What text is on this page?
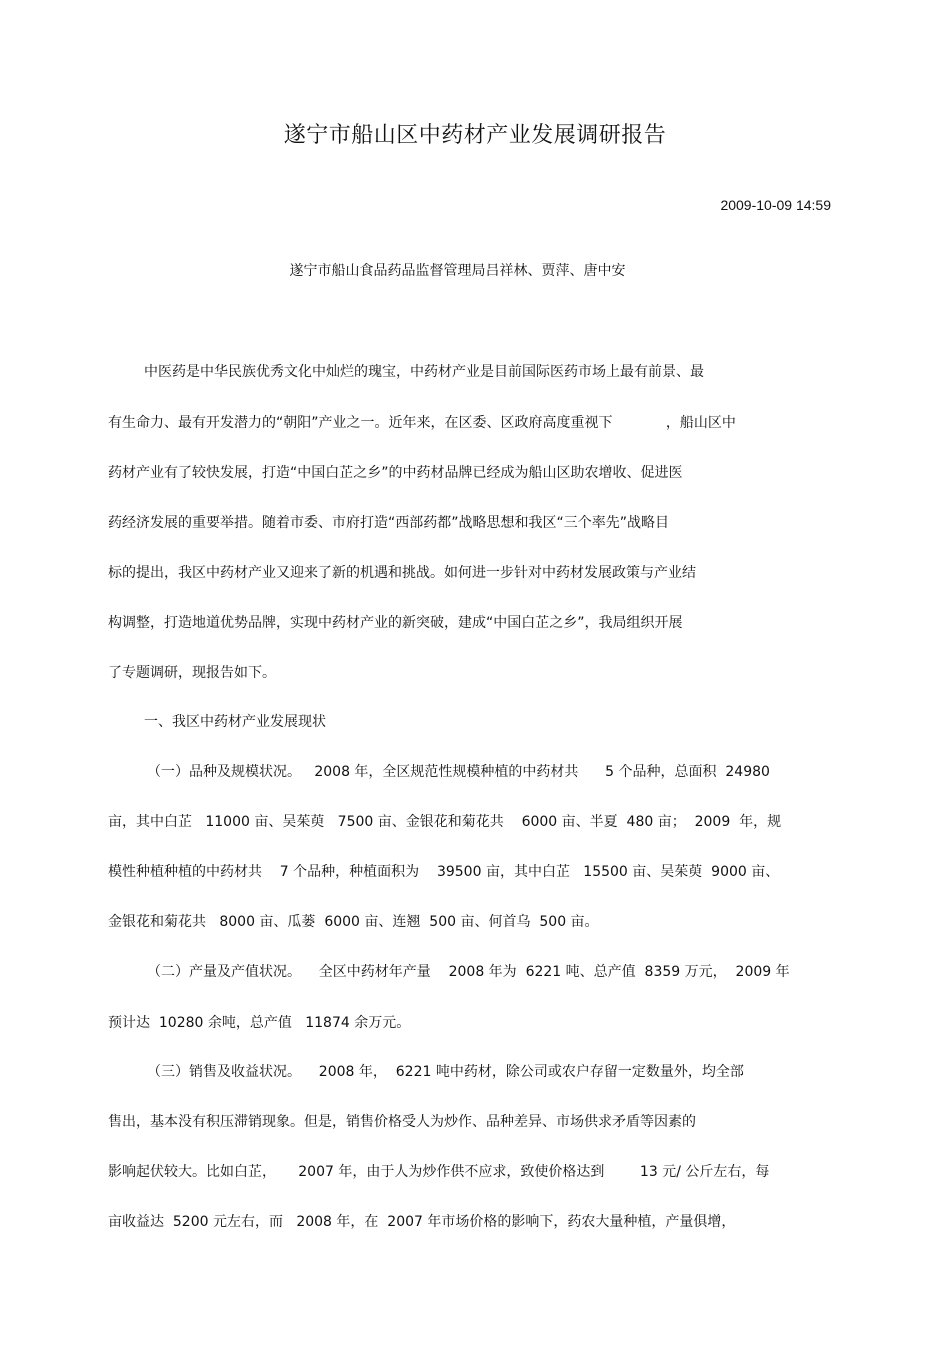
遂宁市船山区中药材产业发展调研报告
2009-10-09 14:59
遂宁市船山食品药品监督管理局吕祥林、贾萍、唐中安
中医药是中华民族优秀文化中灿烂的瑰宝，中药材产业是目前国际医药市场上最有前景、最
有生命力、最有开发潜力的“朝阳”产业之一。近年来，在区委、区政府高度重视下            ，船山区中
药材产业有了较快发展，打造“中国白芷之乡”的中药材品牌已经成为船山区助农增收、促进医
药经济发展的重要举措。随着市委、市府打造“西部药都”战略思想和我区“三个率先”战略目
标的提出，我区中药材产业又迎来了新的机遇和挑战。如何进一步针对中药材发展政策与产业结
构调整，打造地道优势品牌，实现中药材产业的新突破，建成“中国白芷之乡”，我局组织开展
了专题调研，现报告如下。
一、我区中药材产业发展现状
（一）品种及规模状况。   2008 年，全区规范性规模种植的中药材共      5 个品种，总面积  24980
亩，其中白芷   11000 亩、吴茱萸   7500 亩、金银花和菊花共    6000 亩、半夏  480 亩；  2009  年，规
模性种植种植的中药材共    7 个品种，种植面积为    39500 亩，其中白芷   15500 亩、吴茱萸  9000 亩、
金银花和菊花共   8000 亩、瓜蒌  6000 亩、连翘  500 亩、何首乌  500 亩。
（二）产量及产值状况。    全区中药材年产量    2008 年为  6221 吨、总产值  8359 万元，  2009 年
预计达  10280 余吨，总产值   11874 余万元。
（三）销售及收益状况。    2008 年，  6221 吨中药材，除公司或农户存留一定数量外，均全部
售出，基本没有积压滞销现象。但是，销售价格受人为炒作、品种差异、市场供求矛盾等因素的
影响起伏较大。比如白芷，     2007 年，由于人为炒作供不应求，致使价格达到        13 元/ 公斤左右，每
亩收益达  5200 元左右，而   2008 年，在  2007 年市场价格的影响下，药农大量种植，产量俱增，
